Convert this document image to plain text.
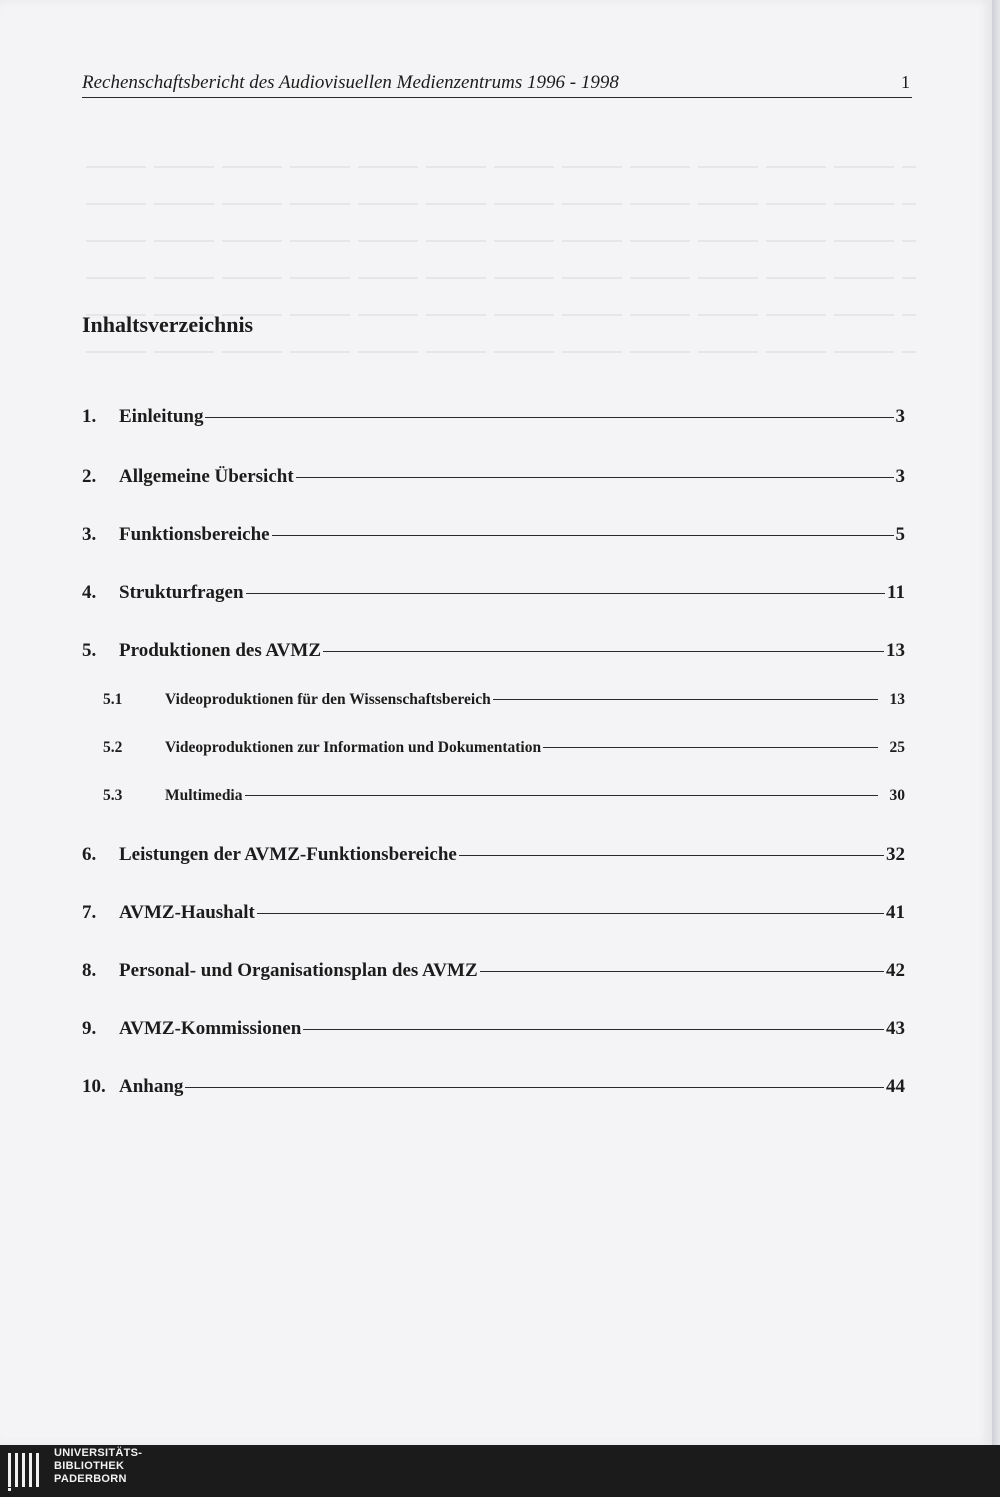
Rechenschaftsbericht des Audiovisuellen Medienzentrums 1996 - 1998	1
Inhaltsverzeichnis
1.	Einleitung	3
2.	Allgemeine Übersicht	3
3.	Funktionsbereiche	5
4.	Strukturfragen	11
5.	Produktionen des AVMZ	13
5.1	Videoproduktionen für den Wissenschaftsbereich	13
5.2	Videoproduktionen zur Information und Dokumentation	25
5.3	Multimedia	30
6.	Leistungen der AVMZ-Funktionsbereiche	32
7.	AVMZ-Haushalt	41
8.	Personal- und Organisationsplan des AVMZ	42
9.	AVMZ-Kommissionen	43
10. Anhang	44
UNIVERSITÄTS-
BIBLIOTHEK
PADERBORN
